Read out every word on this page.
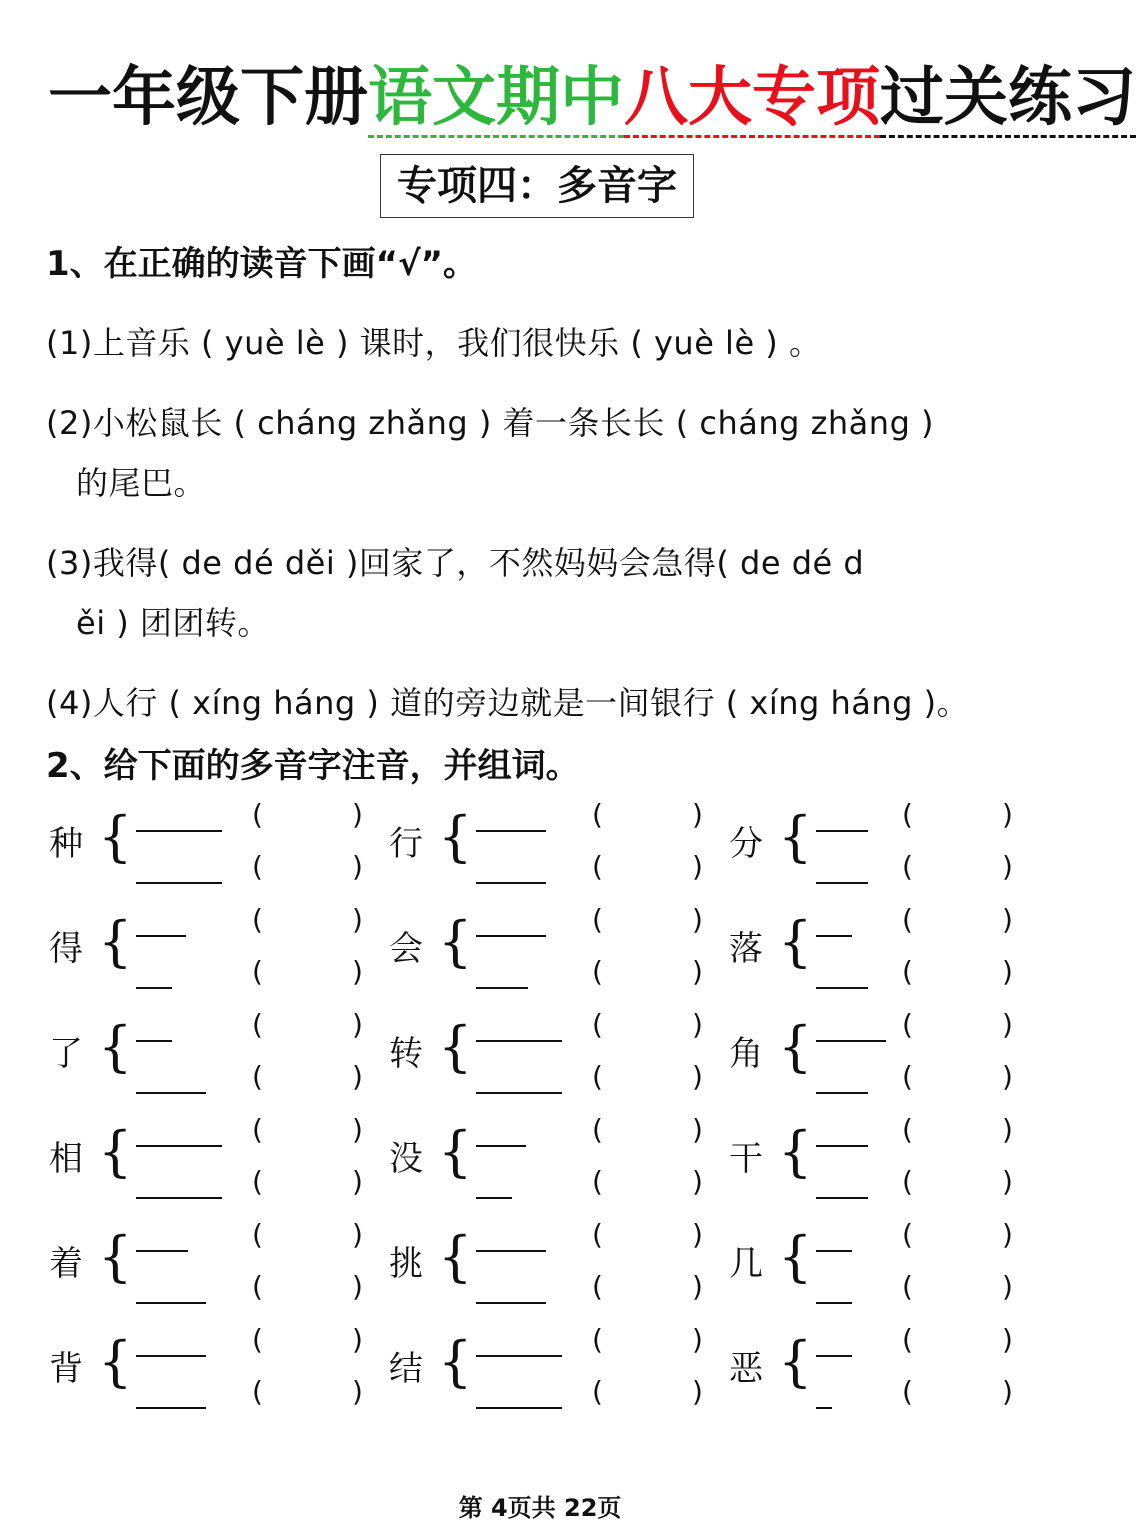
一年级下册语文期中八大专项过关练习
专项四：多音字
1、在正确的读音下画“√”。
(1)上音乐 ( yuè lè ) 课时，我们很快乐 ( yuè lè ) 。
(2)小松鼠长 ( cháng zhǎng ) 着一条长长 ( cháng zhǎng )
的尾巴。
(3)我得( de dé děi )回家了，不然妈妈会急得( de dé d
ěi ) 团团转。
(4)人行 ( xíng háng ) 道的旁边就是一间银行 ( xíng háng )。
2、给下面的多音字注音，并组词。
种 {	(	)
(	)
行 {	(	)
(	)
分 {	(	)
(	)
得 {	(	)
(	)
会 {	(	)
(	)
落 {	(	)
(	)
了 {	(	)
(	)
转 {	(	)
(	)
角 {	(	)
(	)
相 {	(	)
(	)
没 {	(	)
(	)
干 {	(	)
(	)
着 {	(	)
(	)
挑 {	(	)
(	)
几 {	(	)
(	)
背 {	(	)
(	)
结 {	(	)
(	)
恶 {	(	)
(	)
第 4页共 22页
